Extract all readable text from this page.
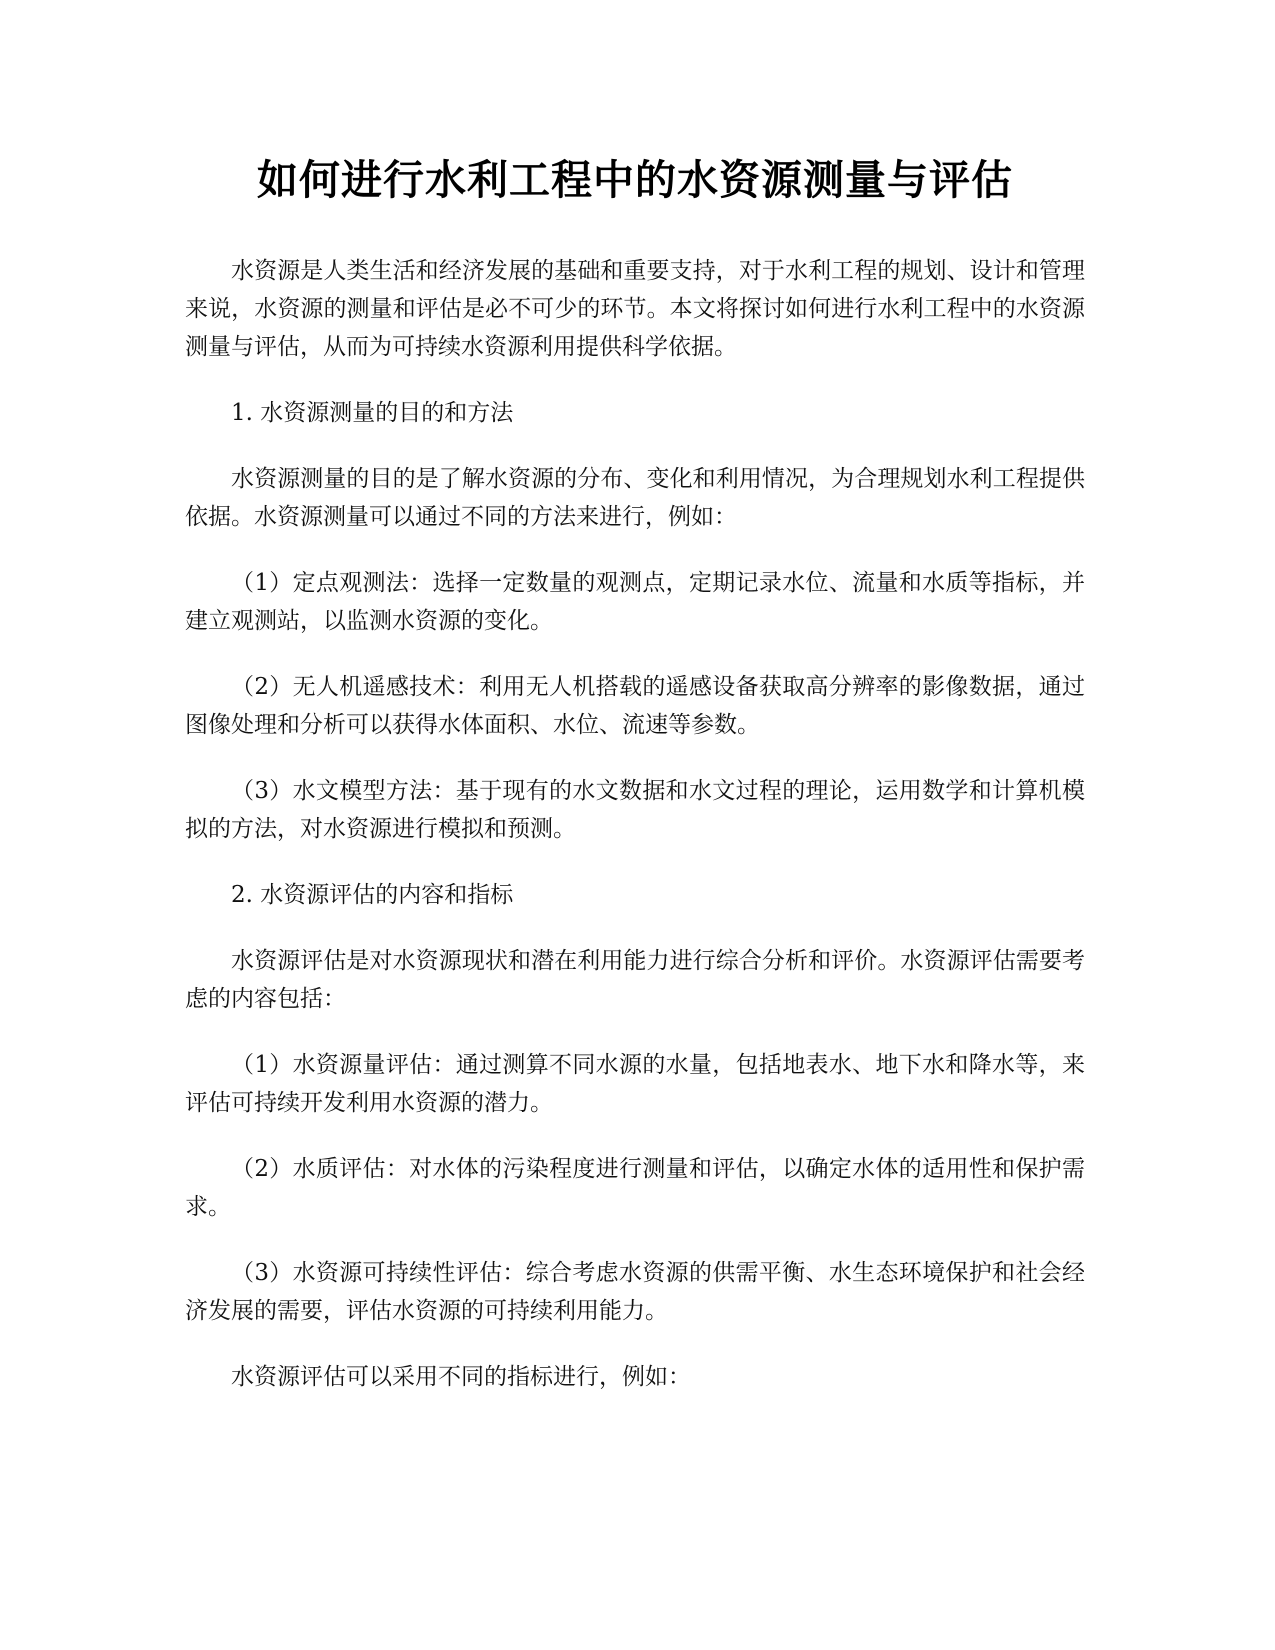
如何进行水利工程中的水资源测量与评估

水资源是人类生活和经济发展的基础和重要支持，对于水利工程的规划、设计和管理来说，水资源的测量和评估是必不可少的环节。本文将探讨如何进行水利工程中的水资源测量与评估，从而为可持续水资源利用提供科学依据。

1. 水资源测量的目的和方法

水资源测量的目的是了解水资源的分布、变化和利用情况，为合理规划水利工程提供依据。水资源测量可以通过不同的方法来进行，例如：

（1）定点观测法：选择一定数量的观测点，定期记录水位、流量和水质等指标，并建立观测站，以监测水资源的变化。

（2）无人机遥感技术：利用无人机搭载的遥感设备获取高分辨率的影像数据，通过图像处理和分析可以获得水体面积、水位、流速等参数。

（3）水文模型方法：基于现有的水文数据和水文过程的理论，运用数学和计算机模拟的方法，对水资源进行模拟和预测。

2. 水资源评估的内容和指标

水资源评估是对水资源现状和潜在利用能力进行综合分析和评价。水资源评估需要考虑的内容包括：

（1）水资源量评估：通过测算不同水源的水量，包括地表水、地下水和降水等，来评估可持续开发利用水资源的潜力。

（2）水质评估：对水体的污染程度进行测量和评估，以确定水体的适用性和保护需求。

（3）水资源可持续性评估：综合考虑水资源的供需平衡、水生态环境保护和社会经济发展的需要，评估水资源的可持续利用能力。

水资源评估可以采用不同的指标进行，例如：
